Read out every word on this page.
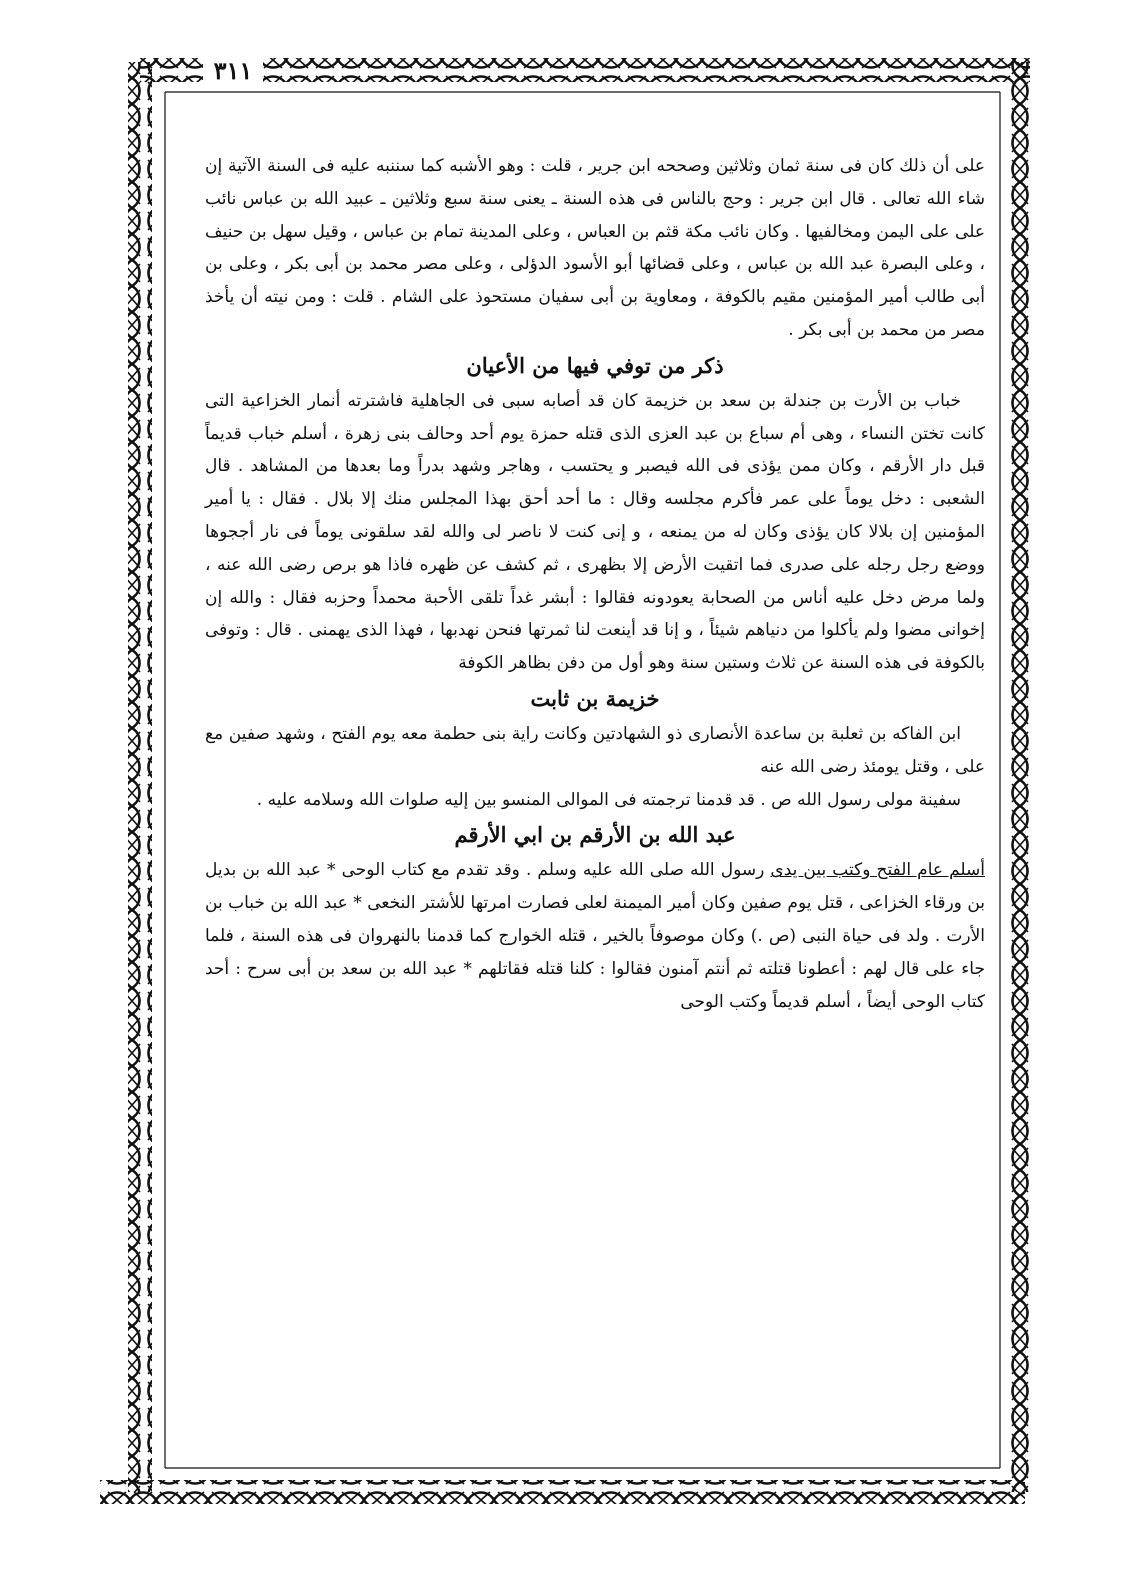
٣١١

على أن ذلك كان فى سنة ثمان وثلاثين وصححه ابن جرير ، قلت : وهو الأشبه كما سننبه عليه فى السنة الآتية إن شاء الله تعالى . قال ابن جرير : وحج بالناس فى هذه السنة ـ يعنى سنة سبع وثلاثين ـ عبيد الله بن عباس نائب على على اليمن ومخالفيها . وكان نائب مكة قثم بن العباس ، وعلى المدينة تمام بن عباس ، وقيل سهل بن حنيف ، وعلى البصرة عبد الله بن عباس ، وعلى قضائها أبو الأسود الدؤلى ، وعلى مصر محمد بن أبى بكر ، وعلى بن أبى طالب أمير المؤمنين مقيم بالكوفة ، ومعاوية بن أبى سفيان مستحوذ على الشام . قلت : ومن نيته أن يأخذ مصر من محمد بن أبى بكر .

ذكر من توفي فيها من الأعيان

خباب بن الأرت بن جندلة بن سعد بن خزيمة كان قد أصابه سبى فى الجاهلية فاشترته أنمار الخزاعية التى كانت تختن النساء ، وهى أم سباع بن عبد العزى الذى قتله حمزة يوم أحد وحالف بنى زهرة ، أسلم خباب قديماً قبل دار الأرقم ، وكان ممن يؤذى فى الله فيصبر و يحتسب ، وهاجر وشهد بدراً وما بعدها من المشاهد . قال الشعبى : دخل يوماً على عمر فأكرم مجلسه وقال : ما أحد أحق بهذا المجلس منك إلا بلال . فقال : يا أمير المؤمنين إن بلالا كان يؤذى وكان له من يمنعه ، و إنى كنت لا ناصر لى والله لقد سلقونى يوماً فى نار أججوها ووضع رجل رجله على صدرى فما اتقيت الأرض إلا بظهرى ، ثم كشف عن ظهره فاذا هو برص رضى الله عنه ، ولما مرض دخل عليه أناس من الصحابة يعودونه فقالوا : أبشر غداً تلقى الأحبة محمداً وحزبه فقال : والله إن إخوانى مضوا ولم يأكلوا من دنياهم شيئاً ، و إنا قد أينعت لنا ثمرتها فنحن نهدبها ، فهذا الذى يهمنى . قال : وتوفى بالكوفة فى هذه السنة عن ثلاث وستين سنة وهو أول من دفن بظاهر الكوفة

خزيمة بن ثابت

ابن الفاكه بن ثعلبة بن ساعدة الأنصارى ذو الشهادتين وكانت راية بنى حطمة معه يوم الفتح ، وشهد صفين مع على ، وقتل يومئذ رضى الله عنه

سفينة مولى رسول الله ص . قد قدمنا ترجمته فى الموالى المنسو بين إليه صلوات الله وسلامه عليه .

عبد الله بن الأرقم بن ابي الأرقم

أسلم عام الفتح وكتب بين يدى رسول الله صلى الله عليه وسلم . وقد تقدم مع كتاب الوحى * عبد الله بن بديل بن ورقاء الخزاعى ، قتل يوم صفين وكان أمير الميمنة لعلى فصارت امرتها للأشتر النخعى * عبد الله بن خباب بن الأرت . ولد فى حياة النبى (ص .) وكان موصوفاً بالخير ، قتله الخوارج كما قدمنا بالنهروان فى هذه السنة ، فلما جاء على قال لهم : أعطونا قتلته ثم أنتم آمنون فقالوا : كلنا قتله فقاتلهم * عبد الله بن سعد بن أبى سرح : أحد كتاب الوحى أيضاً ، أسلم قديماً وكتب الوحى
